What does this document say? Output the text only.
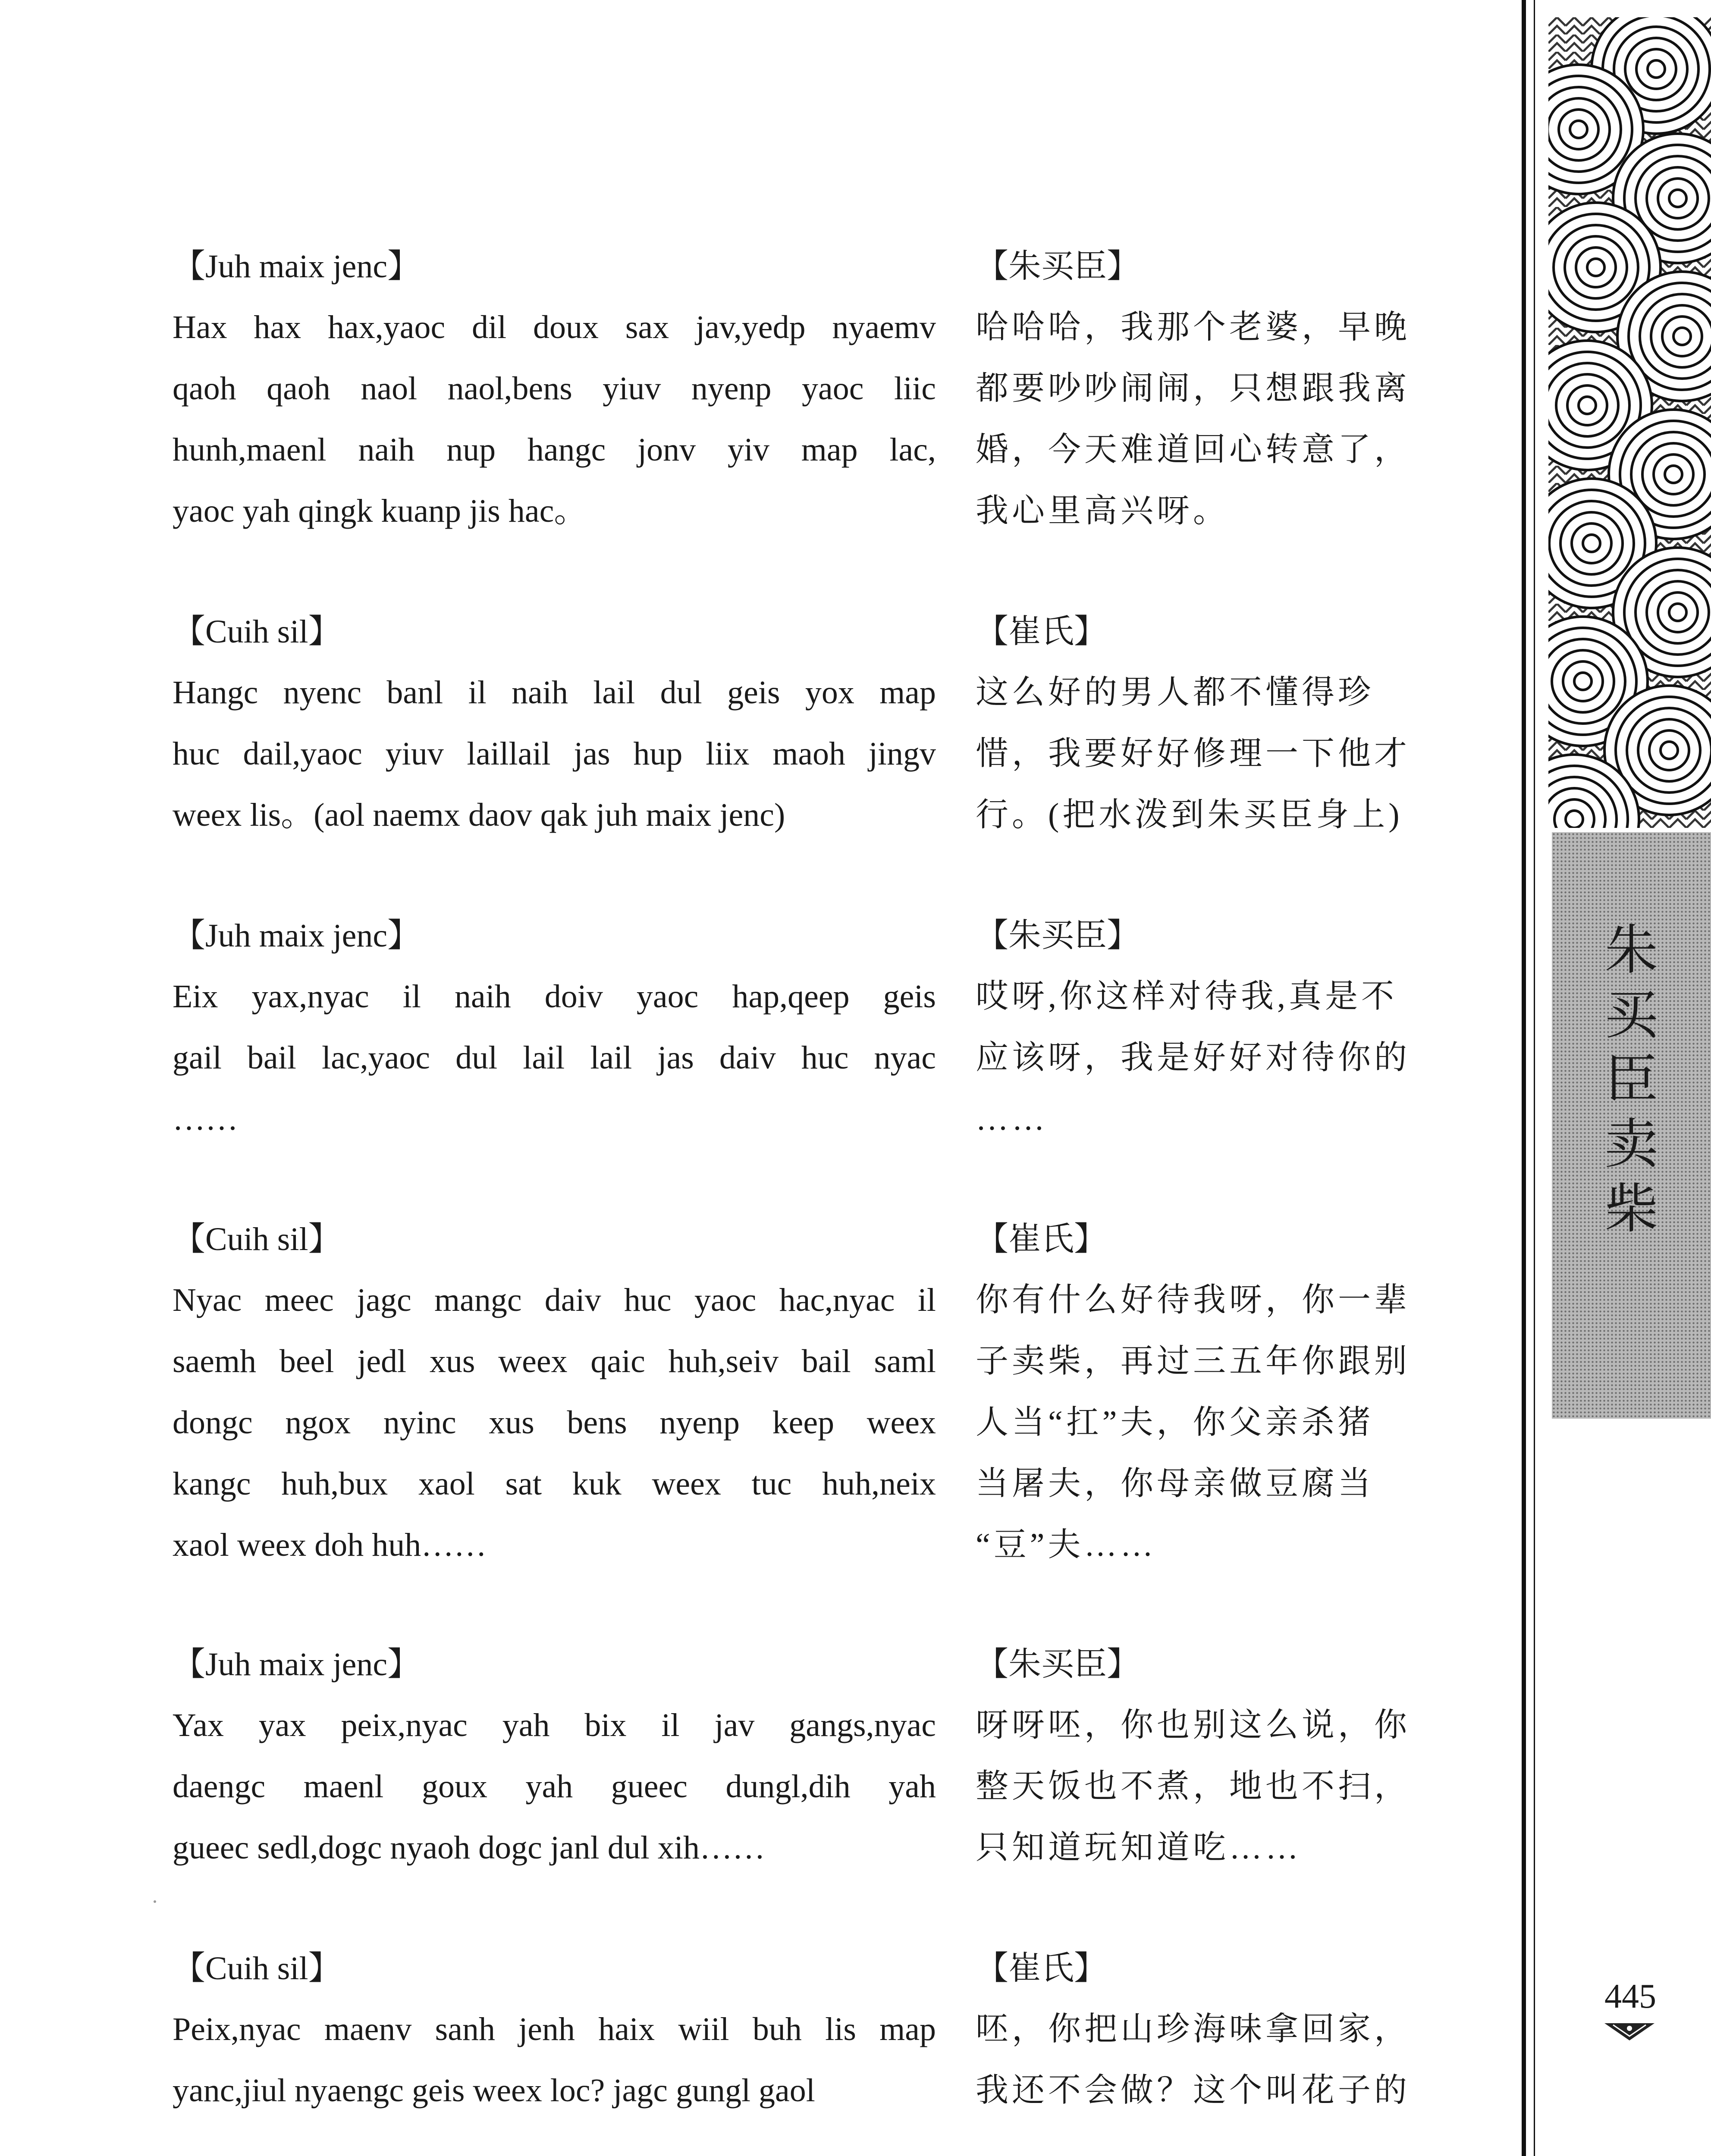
【Juh maix jenc】
Hax hax hax,yaoc dil doux sax jav,yedp nyaemv
qaoh qaoh naol naol,bens yiuv nyenp yaoc liic
hunh,maenl naih nup hangc jonv yiv map lac,
yaoc yah qingk kuanp jis hac。
【朱买臣】
哈哈哈，我那个老婆，早晚
都要吵吵闹闹，只想跟我离
婚，今天难道回心转意了，
我心里高兴呀。
【Cuih sil】
Hangc nyenc banl il naih lail dul geis yox map
huc dail,yaoc yiuv laillail jas hup liix maoh jingv
weex lis。(aol naemx daov qak juh maix jenc)
【崔氏】
这么好的男人都不懂得珍
惜，我要好好修理一下他才
行。(把水泼到朱买臣身上)
【Juh maix jenc】
Eix yax,nyac il naih doiv yaoc hap,qeep geis
gail bail lac,yaoc dul lail lail jas daiv huc nyac
……
【朱买臣】
哎呀,你这样对待我,真是不
应该呀，我是好好对待你的
……
【Cuih sil】
Nyac meec jagc mangc daiv huc yaoc hac,nyac il
saemh beel jedl xus weex qaic huh,seiv bail saml
dongc ngox nyinc xus bens nyenp keep weex
kangc huh,bux xaol sat kuk weex tuc huh,neix
xaol weex doh huh……
【崔氏】
你有什么好待我呀，你一辈
子卖柴，再过三五年你跟别
人当“扛”夫，你父亲杀猪
当屠夫，你母亲做豆腐当
“豆”夫……
【Juh maix jenc】
Yax yax peix,nyac yah bix il jav gangs,nyac
daengc maenl goux yah gueec dungl,dih yah
gueec sedl,dogc nyaoh dogc janl dul xih……
【朱买臣】
呀呀呸，你也别这么说，你
整天饭也不煮，地也不扫，
只知道玩知道吃……
【Cuih sil】
Peix,nyac maenv sanh jenh haix wiil buh lis map
yanc,jiul nyaengc geis weex loc? jagc gungl gaol
【崔氏】
呸，你把山珍海味拿回家，
我还不会做？这个叫花子的
朱
买
臣
卖
柴
445
